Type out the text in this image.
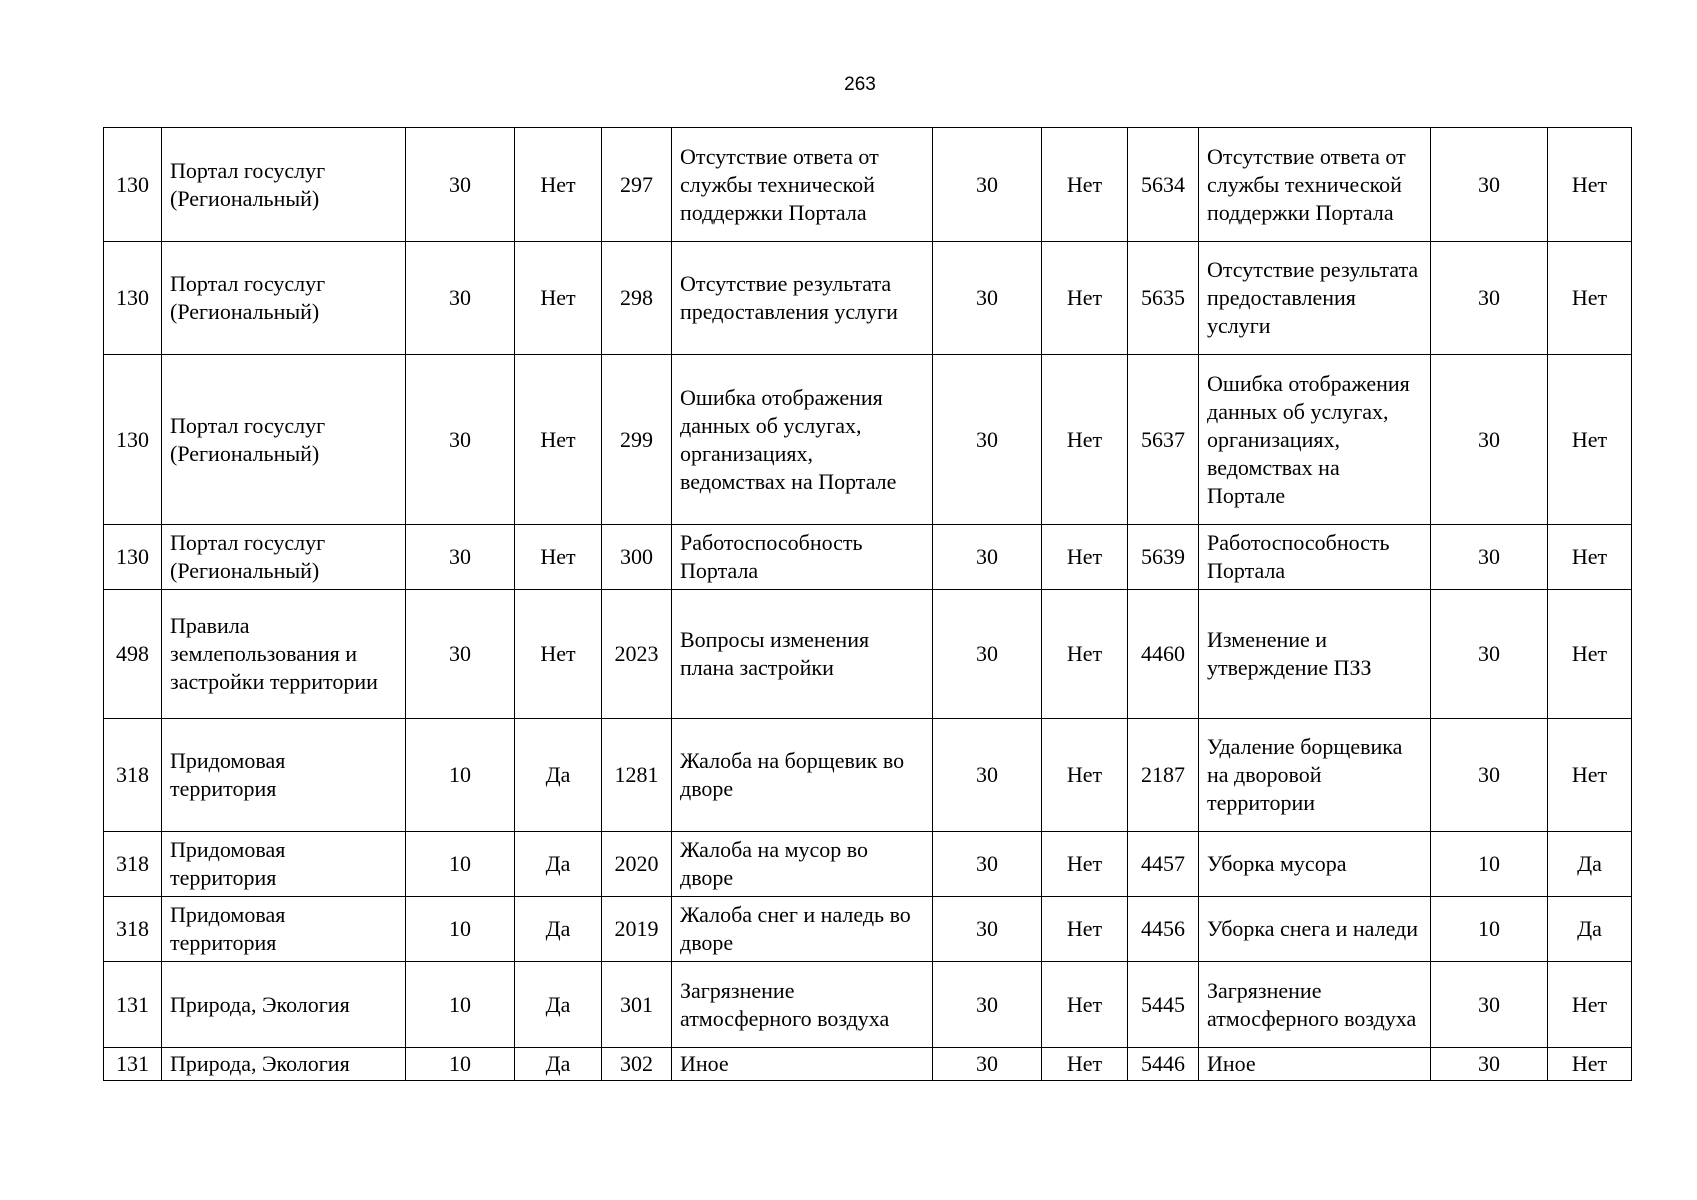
263
130	Портал госуслуг (Региональный)	30	Нет	297	Отсутствие ответа от службы технической поддержки Портала	30	Нет	5634	Отсутствие ответа от службы технической поддержки Портала	30	Нет
130	Портал госуслуг (Региональный)	30	Нет	298	Отсутствие результата предоставления услуги	30	Нет	5635	Отсутствие результата предоставления услуги	30	Нет
130	Портал госуслуг (Региональный)	30	Нет	299	Ошибка отображения данных об услугах, организациях, ведомствах на Портале	30	Нет	5637	Ошибка отображения данных об услугах, организациях, ведомствах на Портале	30	Нет
130	Портал госуслуг (Региональный)	30	Нет	300	Работоспособность Портала	30	Нет	5639	Работоспособность Портала	30	Нет
498	Правила землепользования и застройки территории	30	Нет	2023	Вопросы изменения плана застройки	30	Нет	4460	Изменение и утверждение ПЗЗ	30	Нет
318	Придомовая территория	10	Да	1281	Жалоба на борщевик во дворе	30	Нет	2187	Удаление борщевика на дворовой территории	30	Нет
318	Придомовая территория	10	Да	2020	Жалоба на мусор во дворе	30	Нет	4457	Уборка мусора	10	Да
318	Придомовая территория	10	Да	2019	Жалоба снег и наледь во дворе	30	Нет	4456	Уборка снега и наледи	10	Да
131	Природа, Экология	10	Да	301	Загрязнение атмосферного воздуха	30	Нет	5445	Загрязнение атмосферного воздуха	30	Нет
131	Природа, Экология	10	Да	302	Иное	30	Нет	5446	Иное	30	Нет
